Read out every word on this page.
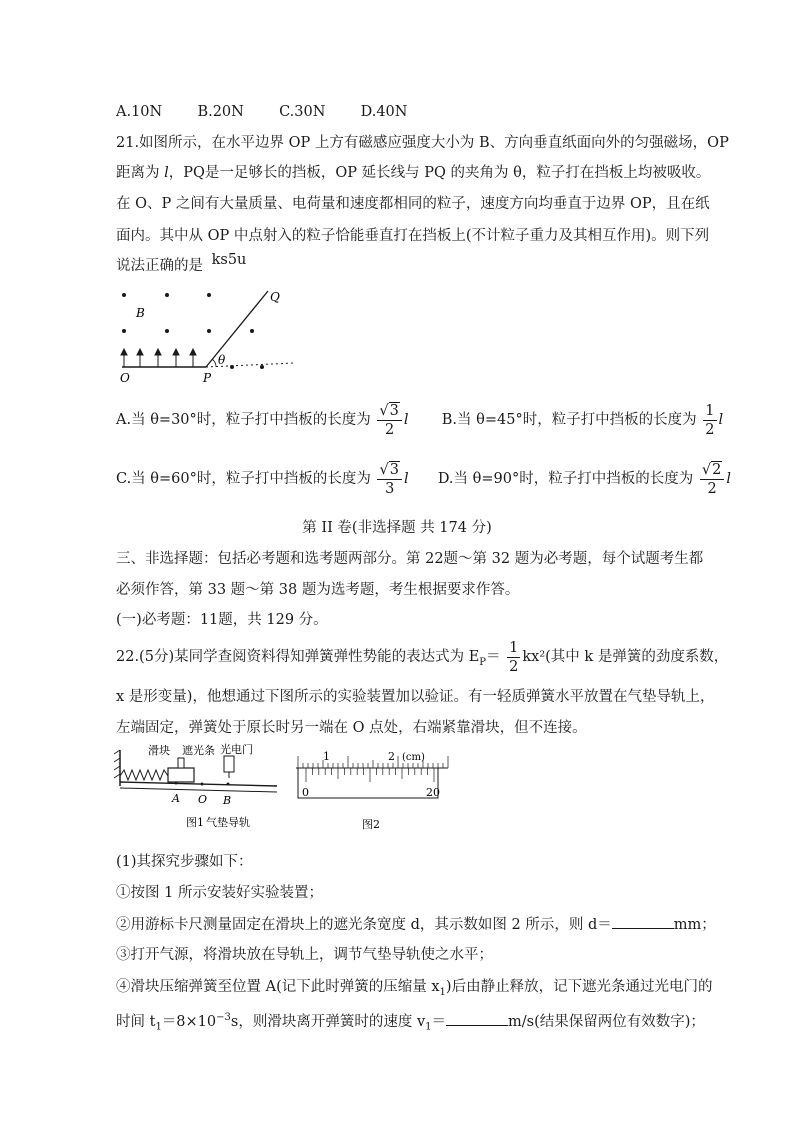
A.10N B.20N C.30N D.40N
21.如图所示，在水平边界 OP 上方有磁感应强度大小为 B、方向垂直纸面向外的匀强磁场，OP
距离为 l，PQ是一足够长的挡板，OP 延长线与 PQ 的夹角为 θ，粒子打在挡板上均被吸收。
在 O、P 之间有大量质量、电荷量和速度都相同的粒子，速度方向均垂直于边界 OP，且在纸
面内。其中从 OP 中点射入的粒子恰能垂直打在挡板上(不计粒子重力及其相互作用)。则下列
说法正确的是 ks5u
B
Q
θ
O	P
A.当 θ=30°时，粒子打中挡板的长度为 $\frac{√3}{2}$ l B.当 θ=45°时，粒子打中挡板的长度为 $\frac{1}{2}$ l
C.当 θ=60°时，粒子打中挡板的长度为 $\frac{√3}{3}$ l D.当 θ=90°时，粒子打中挡板的长度为 $\frac{√2}{2}$ l
第 II 卷(非选择题 共 174 分)
三、非选择题：包括必考题和选考题两部分。第 22题～第 32 题为必考题，每个试题考生都
必须作答，第 33 题～第 38 题为选考题，考生根据要求作答。
(一)必考题：11题，共 129 分。
22.(5分)某同学查阅资料得知弹簧弹性势能的表达式为 $E_P= \frac{1}{2} kx^2$(其中 k 是弹簧的劲度系数，
x 是形变量)，他想通过下图所示的实验装置加以验证。有一轻质弹簧水平放置在气垫导轨上，
左端固定，弹簧处于原长时另一端在 O 点处，右端紧靠滑块，但不连接。
滑块 遮光条 光电门
A O B
图1 气垫导轨
1	2 (cm)
0	20
图2
(1)其探究步骤如下：
①按图 1 所示安装好实验装置；
②用游标卡尺测量固定在滑块上的遮光条宽度 d，其示数如图 2 所示，则 d＝	mm；
③打开气源，将滑块放在导轨上，调节气垫导轨使之水平；
④滑块压缩弹簧至位置 A(记下此时弹簧的压缩量 $x_1$)后由静止释放，记下遮光条通过光电门的
时间 $t_1=8\times 10^{-3}s$，则滑块离开弹簧时的速度 $v_1=$	m/s(结果保留两位有效数字)；
